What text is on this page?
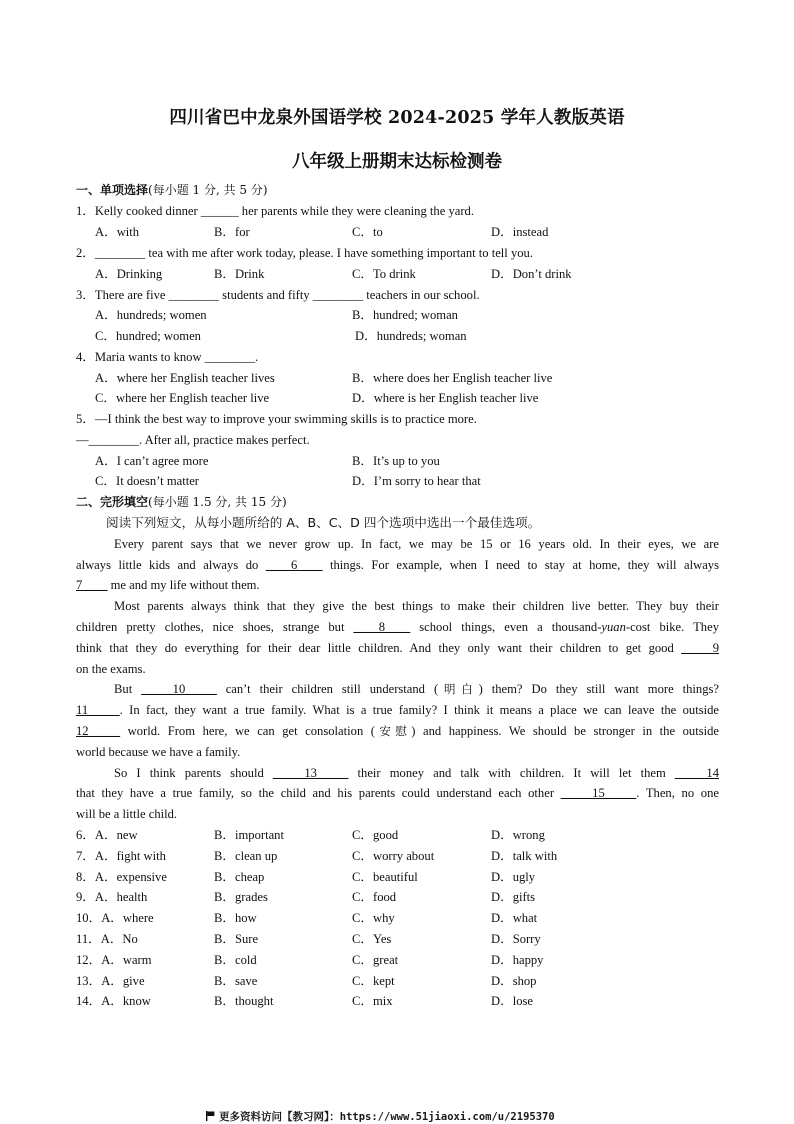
四川省巴中龙泉外国语学校 2024-2025 学年人教版英语
八年级上册期末达标检测卷
一、单项选择(每小题 1 分, 共 5 分)
1．Kelly cooked dinner ______ her parents while they were cleaning the yard.
A．with	B．for	C．to	D．instead
2．________ tea with me after work today, please. I have something important to tell you.
A．Drinking	B．Drink	C．To drink	D．Don’t drink
3．There are five ________ students and fifty ________ teachers in our school.
A．hundreds; women	B．hundred; woman
C．hundred; women	D．hundreds; woman
4．Maria wants to know ________.
A．where her English teacher lives	B．where does her English teacher live
C．where her English teacher live	D．where is her English teacher live
5．—I think the best way to improve your swimming skills is to practice more.
—________. After all, practice makes perfect.
A．I can’t agree more	B．It’s up to you
C．It doesn’t matter	D．I’m sorry to hear that
二、完形填空(每小题 1.5 分, 共 15 分)
阅读下列短文，从每小题所给的 A、B、C、D 四个选项中选出一个最佳选项。
Every parent says that we never grow up. In fact, we may be 15 or 16 years old. In their eyes, we are
always little kids and always do ____6____ things. For example, when I need to stay at home, they will always
7____ me and my life without them.
Most parents always think that they give the best things to make their children live better. They buy their
children pretty clothes, nice shoes, strange but ____8____ school things, even a thousand-yuan-cost bike. They
think that they do everything for their dear little children. And they only want their children to get good _____9
on the exams.
But _____10_____ can’t their children still understand (明白) them? Do they still want more things?
11_____. In fact, they want a true family. What is a true family? I think it means a place we can leave the outside
12_____ world. From here, we can get consolation (安慰) and happiness. We should be stronger in the outside
world because we have a family.
So I think parents should _____13_____ their money and talk with children. It will let them _____14
that they have a true family, so the child and his parents could understand each other _____15_____. Then, no one
will be a little child.
6．A．new	B．important	C．good	D．wrong
7．A．fight with	B．clean up	C．worry about	D．talk with
8．A．expensive	B．cheap	C．beautiful	D．ugly
9．A．health	B．grades	C．food	D．gifts
10．A．where	B．how	C．why	D．what
11．A．No	B．Sure	C．Yes	D．Sorry
12．A．warm	B．cold	C．great	D．happy
13．A．give	B．save	C．kept	D．shop
14．A．know	B．thought	C．mix	D．lose
更多资料访问【教习网】：https://www.51jiaoxi.com/u/2195370
